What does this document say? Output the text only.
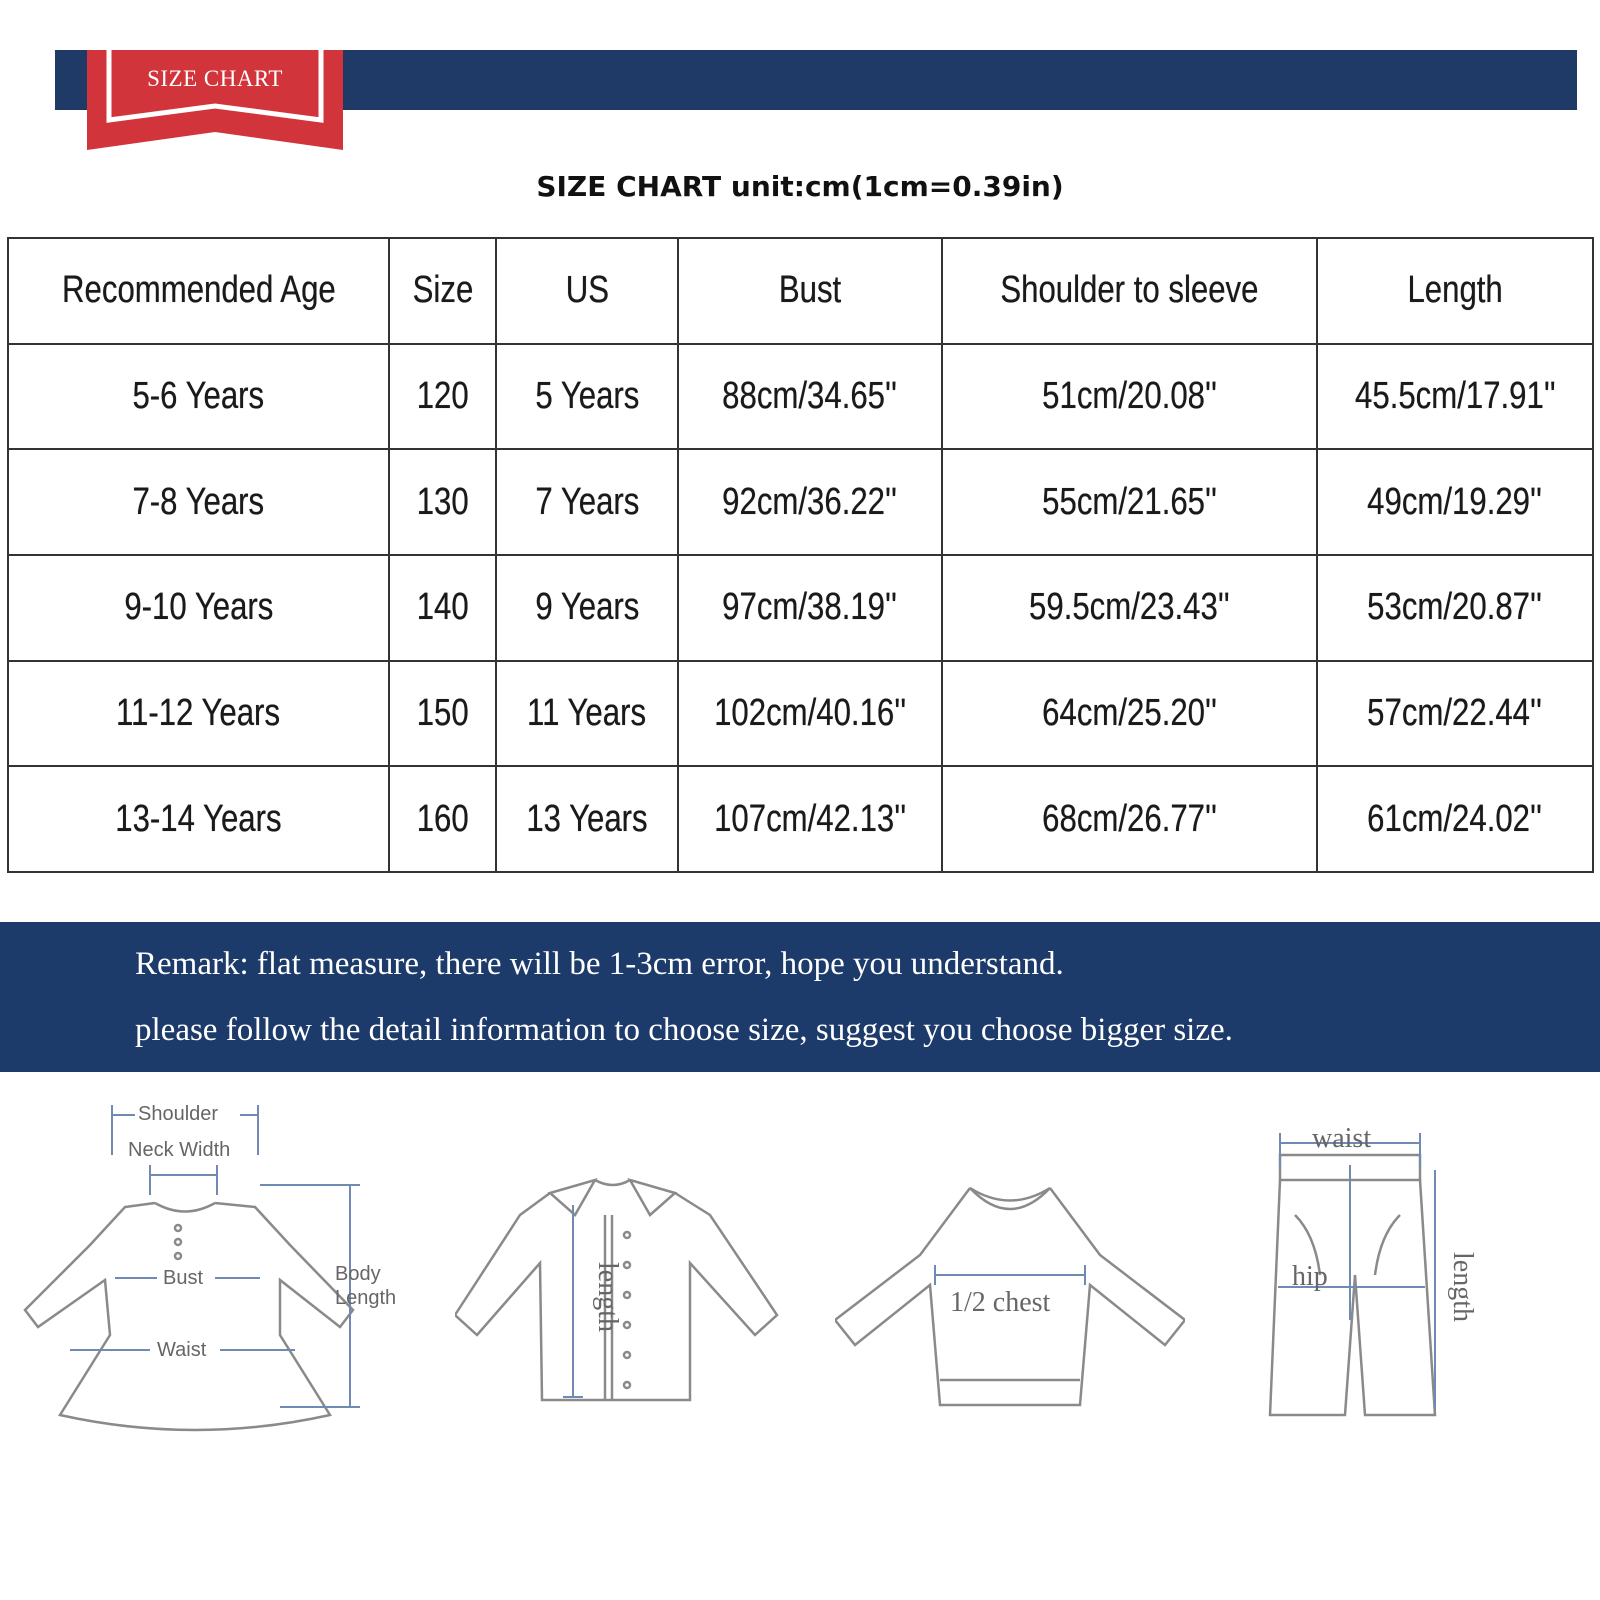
SIZE CHART
SIZE CHART unit:cm(1cm=0.39in)
Recommended Age	Size	US	Bust	Shoulder to sleeve	Length
5-6 Years	120	5 Years	88cm/34.65''	51cm/20.08''	45.5cm/17.91''
7-8 Years	130	7 Years	92cm/36.22''	55cm/21.65''	49cm/19.29''
9-10 Years	140	9 Years	97cm/38.19''	59.5cm/23.43''	53cm/20.87''
11-12 Years	150	11 Years	102cm/40.16''	64cm/25.20''	57cm/22.44''
13-14 Years	160	13 Years	107cm/42.13''	68cm/26.77''	61cm/24.02''
Remark: flat measure, there will be 1-3cm error, hope you understand.
please follow the detail information to choose size, suggest you choose bigger size.
Shoulder
Neck Width
Bust
Waist
Body
Length	length	1/2 chest
waist
hip	length
